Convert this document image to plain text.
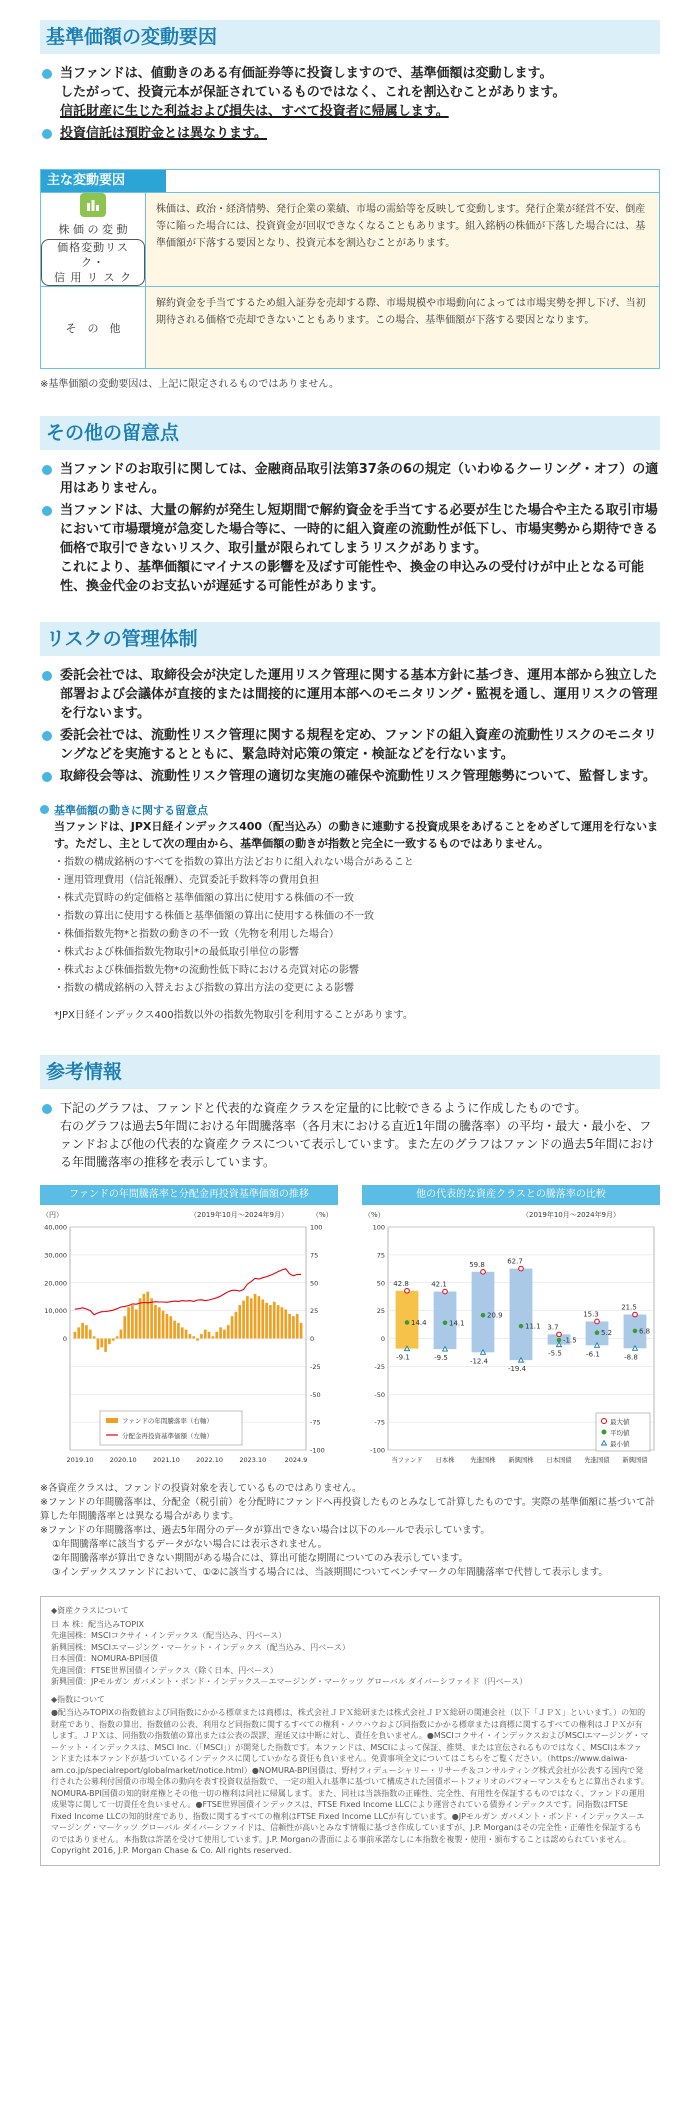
基準価額の変動要因
当ファンドは、値動きのある有価証券等に投資しますので、基準価額は変動します。
したがって、投資元本が保証されているものではなく、これを割込むことがあります。
信託財産に生じた利益および損失は、すべて投資者に帰属します。
投資信託は預貯金とは異なります。
主な変動要因
株 価 の 変 動
価格変動リスク・
信 用 リ ス ク
株価は、政治・経済情勢、発行企業の業績、市場の需給等を反映して変動します。発行企業が経営不安、倒産等に陥った場合には、投資資金が回収できなくなることもあります。組入銘柄の株価が下落した場合には、基準価額が下落する要因となり、投資元本を割込むことがあります。
そ　の　他
解約資金を手当てするため組入証券を売却する際、市場規模や市場動向によっては市場実勢を押し下げ、当初期待される価格で売却できないこともあります。この場合、基準価額が下落する要因となります。
※基準価額の変動要因は、上記に限定されるものではありません。
その他の留意点
当ファンドのお取引に関しては、金融商品取引法第37条の6の規定（いわゆるクーリング・オフ）の適用はありません。
当ファンドは、大量の解約が発生し短期間で解約資金を手当てする必要が生じた場合や主たる取引市場において市場環境が急変した場合等に、一時的に組入資産の流動性が低下し、市場実勢から期待できる価格で取引できないリスク、取引量が限られてしまうリスクがあります。
これにより、基準価額にマイナスの影響を及ぼす可能性や、換金の申込みの受付けが中止となる可能性、換金代金のお支払いが遅延する可能性があります。
リスクの管理体制
委託会社では、取締役会が決定した運用リスク管理に関する基本方針に基づき、運用本部から独立した部署および会議体が直接的または間接的に運用本部へのモニタリング・監視を通し、運用リスクの管理を行ないます。
委託会社では、流動性リスク管理に関する規程を定め、ファンドの組入資産の流動性リスクのモニタリングなどを実施するとともに、緊急時対応策の策定・検証などを行ないます。
取締役会等は、流動性リスク管理の適切な実施の確保や流動性リスク管理態勢について、監督します。
基準価額の動きに関する留意点
当ファンドは、JPX日経インデックス400（配当込み）の動きに連動する投資成果をあげることをめざして運用を行ないます。ただし、主として次の理由から、基準価額の動きが指数と完全に一致するものではありません。
・指数の構成銘柄のすべてを指数の算出方法どおりに組入れない場合があること
・運用管理費用（信託報酬）、売買委託手数料等の費用負担
・株式売買時の約定価格と基準価額の算出に使用する株価の不一致
・指数の算出に使用する株価と基準価額の算出に使用する株価の不一致
・株価指数先物*と指数の動きの不一致（先物を利用した場合）
・株式および株価指数先物取引*の最低取引単位の影響
・株式および株価指数先物*の流動性低下時における売買対応の影響
・指数の構成銘柄の入替えおよび指数の算出方法の変更による影響
*JPX日経インデックス400指数以外の指数先物取引を利用することがあります。
参考情報
下記のグラフは、ファンドと代表的な資産クラスを定量的に比較できるように作成したものです。
右のグラフは過去5年間における年間騰落率（各月末における直近1年間の騰落率）の平均・最大・最小を、ファンドおよび他の代表的な資産クラスについて表示しています。また左のグラフはファンドの過去5年間における年間騰落率の推移を表示しています。
ファンドの年間騰落率と分配金再投資基準価額の推移
（円）	（%）
（2019年10月～2024年9月）
100
75
50
25
0
-25
-50
-75
-100
40,000
30,000
20,000
10,000
0
2019.10	2020.10	2021.10	2022.10	2023.10	2024.9
ファンドの年間騰落率（右軸）
分配金再投資基準価額（左軸）
他の代表的な資産クラスとの騰落率の比較
（%）	（2019年10月～2024年9月）
100
75
50
25
0
-25
-50
-75
-100
42.8
14.4
-9.1
当ファンド
42.1
14.1
-9.5
日本株
59.8
20.9
-12.4
先進国株
62.7
11.1
-19.4
新興国株
3.7
-1.5
-5.5
日本国債
15.3
5.2
-6.1
先進国債
21.5
6.8
-8.8
新興国債
最大値
平均値
最小値
※各資産クラスは、ファンドの投資対象を表しているものではありません。
※ファンドの年間騰落率は、分配金（税引前）を分配時にファンドへ再投資したものとみなして計算したものです。実際の基準価額に基づいて計算した年間騰落率とは異なる場合があります。
※ファンドの年間騰落率は、過去5年間分のデータが算出できない場合は以下のルールで表示しています。
①年間騰落率に該当するデータがない場合には表示されません。
②年間騰落率が算出できない期間がある場合には、算出可能な期間についてのみ表示しています。
③インデックスファンドにおいて、①②に該当する場合には、当該期間についてベンチマークの年間騰落率で代替して表示します。
◆資産クラスについて
日 本 株：配当込みTOPIX
先進国株：MSCIコクサイ・インデックス（配当込み、円ベース）
新興国株：MSCIエマージング・マーケット・インデックス（配当込み、円ベース）
日本国債：NOMURA-BPI国債
先進国債：FTSE世界国債インデックス（除く日本、円ベース）
新興国債：JPモルガン ガバメント・ボンド・インデックス－エマージング・マーケッツ グローバル ダイバーシファイド（円ベース）
◆指数について
●配当込みTOPIXの指数値および同指数にかかる標章または商標は、株式会社ＪＰＸ総研または株式会社ＪＰＸ総研の関連会社（以下「ＪＰＸ」といいます。）の知的財産であり、指数の算出、指数値の公表、利用など同指数に関するすべての権利・ノウハウおよび同指数にかかる標章または商標に関するすべての権利はＪＰＸが有します。ＪＰＸは、同指数の指数値の算出または公表の誤謬、遅延又は中断に対し、責任を負いません。●MSCIコクサイ・インデックスおよびMSCIエマージング・マーケット・インデックスは、MSCI Inc.（「MSCI」）が開発した指数です。本ファンドは、MSCIによって保証、推奨、または宣伝されるものではなく、MSCIは本ファンドまたは本ファンドが基づいているインデックスに関していかなる責任も負いません。免責事項全文についてはこちらをご覧ください。（https://www.daiwa-am.co.jp/specialreport/globalmarket/notice.html）●NOMURA-BPI国債は、野村フィデューシャリー・リサーチ＆コンサルティング株式会社が公表する国内で発行された公募利付国債の市場全体の動向を表す投資収益指数で、一定の組入れ基準に基づいて構成された国債ポートフォリオのパフォーマンスをもとに算出されます。NOMURA-BPI国債の知的財産権とその他一切の権利は同社に帰属します。また、同社は当該指数の正確性、完全性、有用性を保証するものではなく、ファンドの運用成果等に関して一切責任を負いません。●FTSE世界国債インデックスは、FTSE Fixed Income LLCにより運営されている債券インデックスです。同指数はFTSE Fixed Income LLCの知的財産であり、指数に関するすべての権利はFTSE Fixed Income LLCが有しています。●JPモルガン ガバメント・ボンド・インデックス－エマージング・マーケッツ グローバル ダイバーシファイドは、信頼性が高いとみなす情報に基づき作成していますが、J.P. Morganはその完全性・正確性を保証するものではありません。本指数は許諾を受けて使用しています。J.P. Morganの書面による事前承諾なしに本指数を複製・使用・頒布することは認められていません。Copyright 2016, J.P. Morgan Chase & Co. All rights reserved.
